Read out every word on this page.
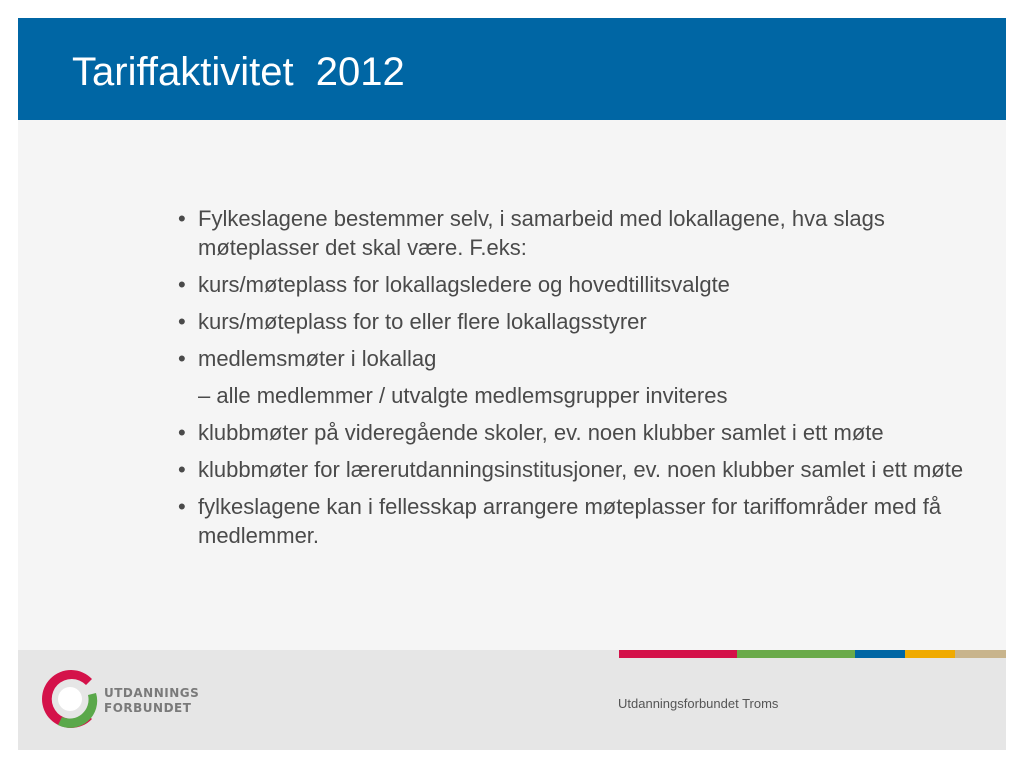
Tariffaktivitet  2012
• Fylkeslagene bestemmer selv, i samarbeid med lokallagene, hva slags møteplasser det skal være. F.eks:
• kurs/møteplass for lokallagsledere og hovedtillitsvalgte
• kurs/møteplass for to eller flere lokallagsstyrer
• medlemsmøter i lokallag
– alle medlemmer / utvalgte medlemsgrupper inviteres
• klubbmøter på videregående skoler, ev. noen klubber samlet i ett møte
• klubbmøter for lærerutdanningsinstitusjoner, ev. noen klubber samlet i ett møte
• fylkeslagene kan i fellesskap arrangere møteplasser for tariffområder med få medlemmer.
UTDANNINGS
FORBUNDET	Utdanningsforbundet Troms
